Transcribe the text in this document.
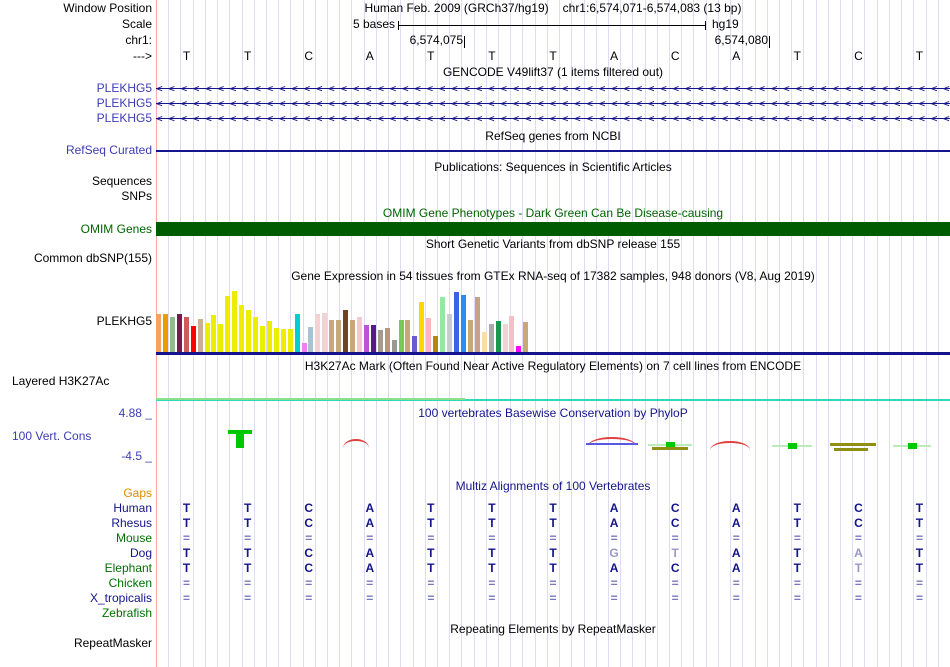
Window Position	Human Feb. 2009 (GRCh37/hg19) chr1:6,574,071-6,574,083 (13 bp)
Scale	5 bases	hg19
chr1:	6,574,075	6,574,080
--->	T	T	C	A	T	T	T	A	C	A	T	C	T
GENCODE V49lift37 (1 items filtered out)
< < < < < < < < < < < < < < < < < < < < < < < < < < < < < < < < < < < < < < < < < < < < < < < < < < < < < < < < < < < < < < < < <
< < < < < < < < < < < < < < < < < < < < < < < < < < < < < < < < < < < < < < < < < < < < < < < < < < < < < < < < < < < < < < < < <
< < < < < < < < < < < < < < < < < < < < < < < < < < < < < < < < < < < < < < < < < < < < < < < < < < < < < < < < < < < < < < < < <
RefSeq genes from NCBI
RefSeq Curated
Publications: Sequences in Scientific Articles
Sequences
SNPs
OMIM Gene Phenotypes - Dark Green Can Be Disease-causing
OMIM Genes
Short Genetic Variants from dbSNP release 155
Common dbSNP(155)
Gene Expression in 54 tissues from GTEx RNA-seq of 17382 samples, 948 donors (V8, Aug 2019)
PLEKHG5
H3K27Ac Mark (Often Found Near Active Regulatory Elements) on 7 cell lines from ENCODE
Layered H3K27Ac
100 vertebrates Basewise Conservation by PhyloP
4.88 _
100 Vert. Cons
-4.5 _
Multiz Alignments of 100 Vertebrates
Gaps
Human	T	T	C	A	T	T	T	A	C	A	T	C	T
Rhesus	T	T	C	A	T	T	T	A	C	A	T	C	T
Mouse	=	=	=	=	=	=	=	=	=	=	=	=	=
Dog	T	T	C	A	T	T	T	G	T	A	T	A	T
Elephant	T	T	C	A	T	T	T	A	C	A	T	T	T
Chicken	=	=	=	=	=	=	=	=	=	=	=	=	=
X_tropicalis	=	=	=	=	=	=	=	=	=	=	=	=	=
Zebrafish
Repeating Elements by RepeatMasker
RepeatMasker
PLEKHG5
PLEKHG5
PLEKHG5
